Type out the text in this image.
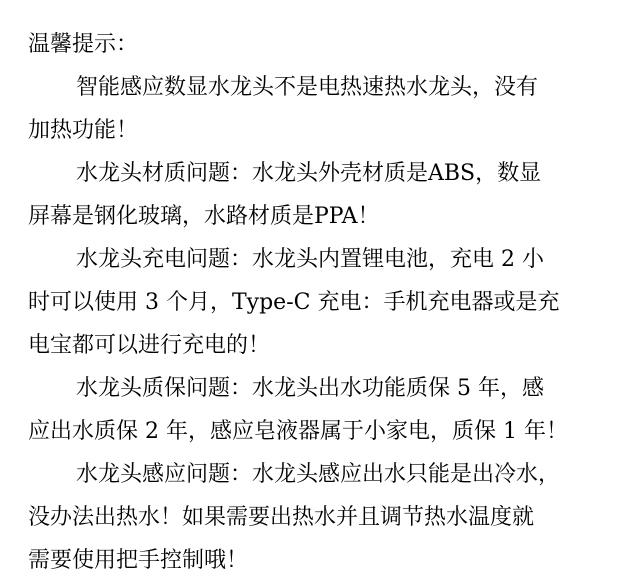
温馨提示：
智能感应数显水龙头不是电热速热水龙头，没有
加热功能！
水龙头材质问题：水龙头外壳材质是ABS，数显
屏幕是钢化玻璃，水路材质是PPA！
水龙头充电问题：水龙头内置锂电池，充电 2 小
时可以使用 3 个月，Type-C 充电：手机充电器或是充
电宝都可以进行充电的！
水龙头质保问题：水龙头出水功能质保 5 年，感
应出水质保 2 年，感应皂液器属于小家电，质保 1 年！
水龙头感应问题：水龙头感应出水只能是出冷水，
没办法出热水！如果需要出热水并且调节热水温度就
需要使用把手控制哦！
